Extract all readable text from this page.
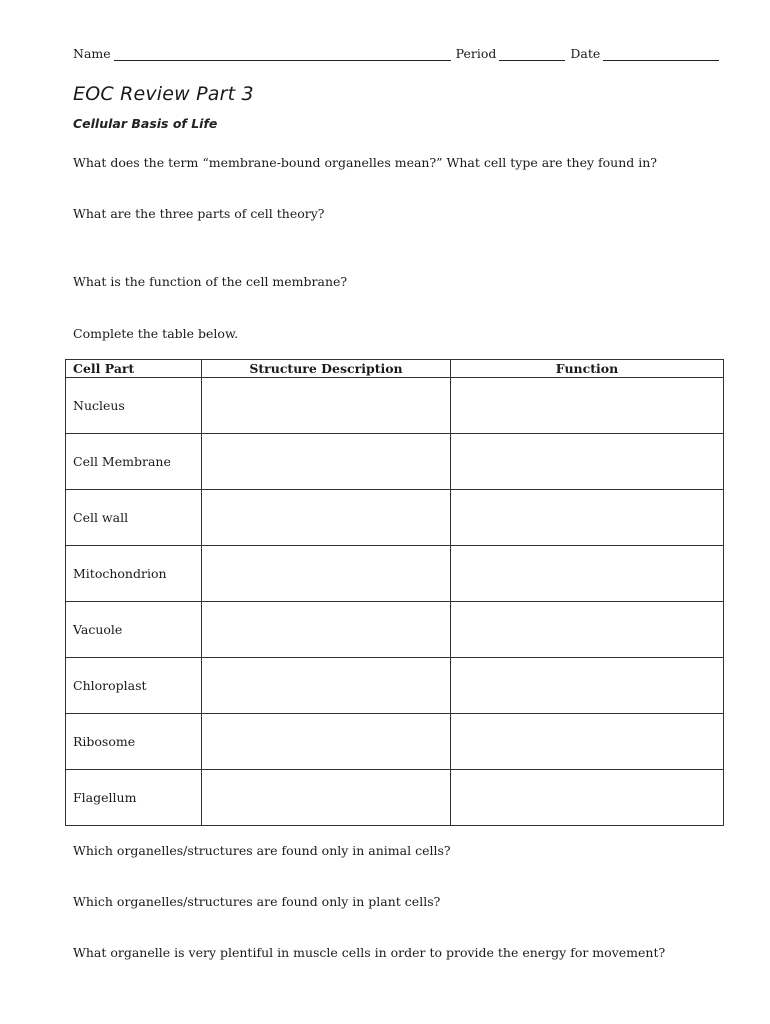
Name	Period	Date
EOC Review Part 3
Cellular Basis of Life
What does the term “membrane-bound organelles mean?” What cell type are they found in?
What are the three parts of cell theory?
What is the function of the cell membrane?
Complete the table below.
Cell Part	Structure Description	Function
Nucleus		
Cell Membrane		
Cell wall		
Mitochondrion		
Vacuole		
Chloroplast		
Ribosome		
Flagellum		
Which organelles/structures are found only in animal cells?
Which organelles/structures are found only in plant cells?
What organelle is very plentiful in muscle cells in order to provide the energy for movement?
